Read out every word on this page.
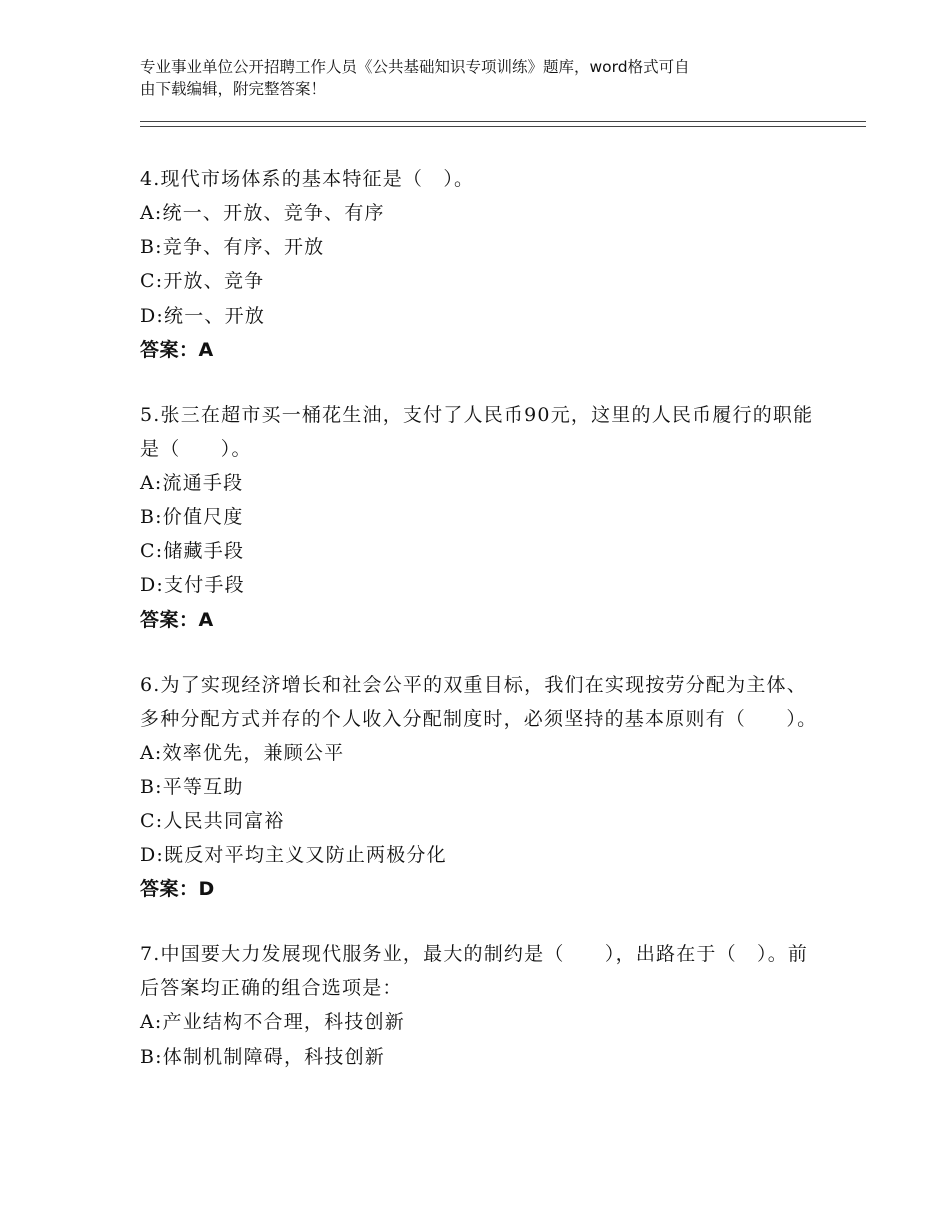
专业事业单位公开招聘工作人员《公共基础知识专项训练》题库，word格式可自
由下载编辑，附完整答案！

4.现代市场体系的基本特征是（　）。

A:统一、开放、竞争、有序

B:竞争、有序、开放

C:开放、竞争

D:统一、开放

答案：A

5.张三在超市买一桶花生油，支付了人民币90元，这里的人民币履行的职能是（　　）。

A:流通手段

B:价值尺度

C:储藏手段

D:支付手段

答案：A

6.为了实现经济增长和社会公平的双重目标，我们在实现按劳分配为主体、多种分配方式并存的个人收入分配制度时，必须坚持的基本原则有（　　）。

A:效率优先，兼顾公平

B:平等互助

C:人民共同富裕

D:既反对平均主义又防止两极分化

答案：D

7.中国要大力发展现代服务业，最大的制约是（　　），出路在于（　）。前后答案均正确的组合选项是：

A:产业结构不合理，科技创新

B:体制机制障碍，科技创新
